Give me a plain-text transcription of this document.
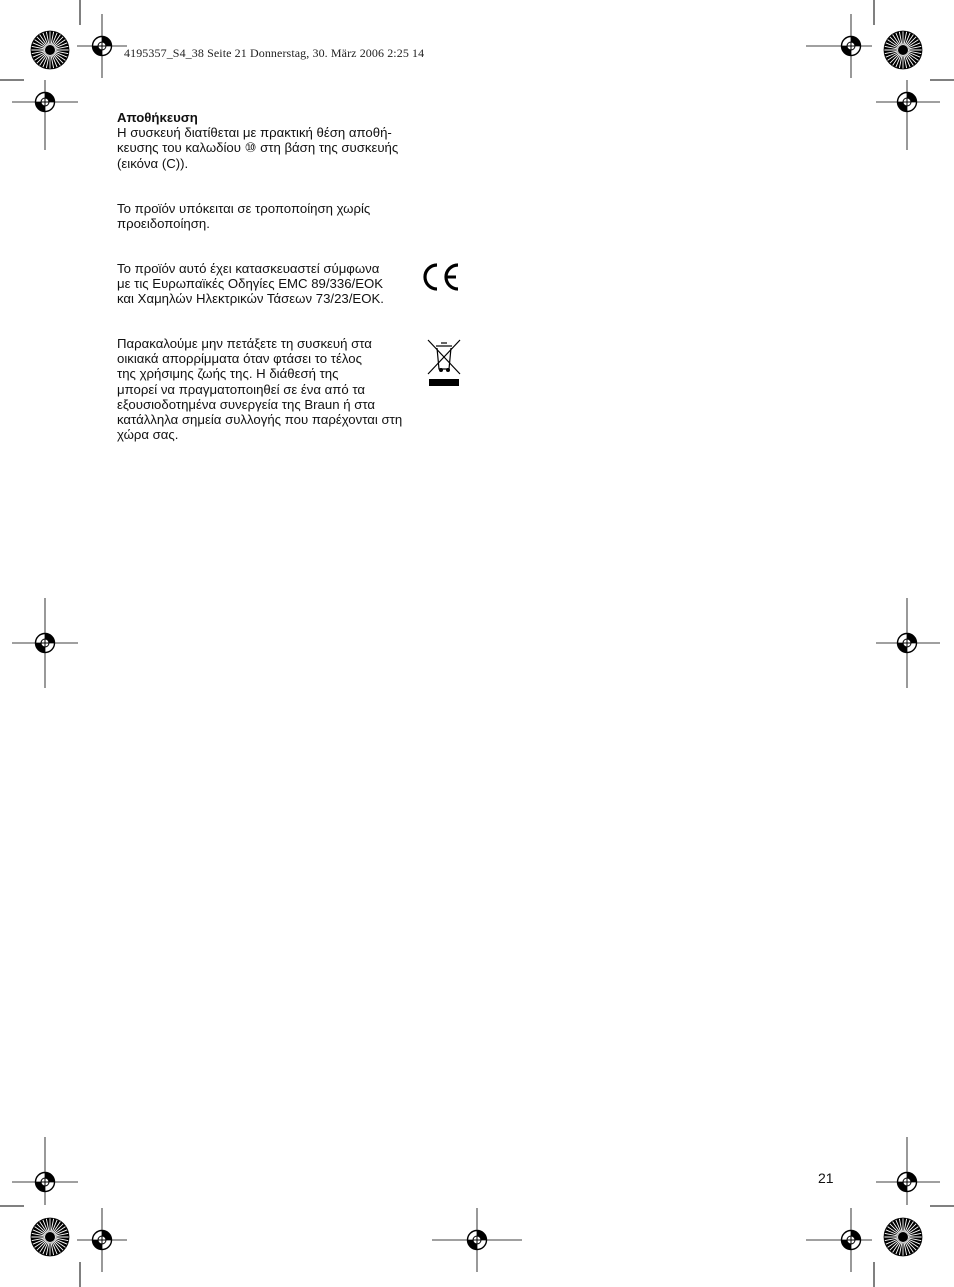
4195357_S4_38 Seite 21 Donnerstag, 30. März 2006 2:25 14
Αποθήκευση

Η συσκευή διατίθεται με πρακτική θέση αποθή-
κευσης του καλωδίου ⑩ στη βάση της συσκευής
(εικόνα (C)).

Το προϊόν υπόκειται σε τροποποίηση χωρίς
προειδοποίηση.

Το προϊόν αυτό έχει κατασκευαστεί σύμφωνα
με τις Ευρωπαϊκές Οδηγίες EMC 89/336/ΕΟΚ
και Χαμηλών Ηλεκτρικών Τάσεων 73/23/ΕΟΚ.

Παρακαλούμε μην πετάξετε τη συσκευή στα
οικιακά απορρίμματα όταν φτάσει το τέλος
της χρήσιμης ζωής της. Η διάθεσή της
μπορεί να πραγματοποιηθεί σε ένα από τα
εξουσιοδοτημένα συνεργεία της Braun ή στα
κατάλληλα σημεία συλλογής που παρέχονται στη
χώρα σας.

21
